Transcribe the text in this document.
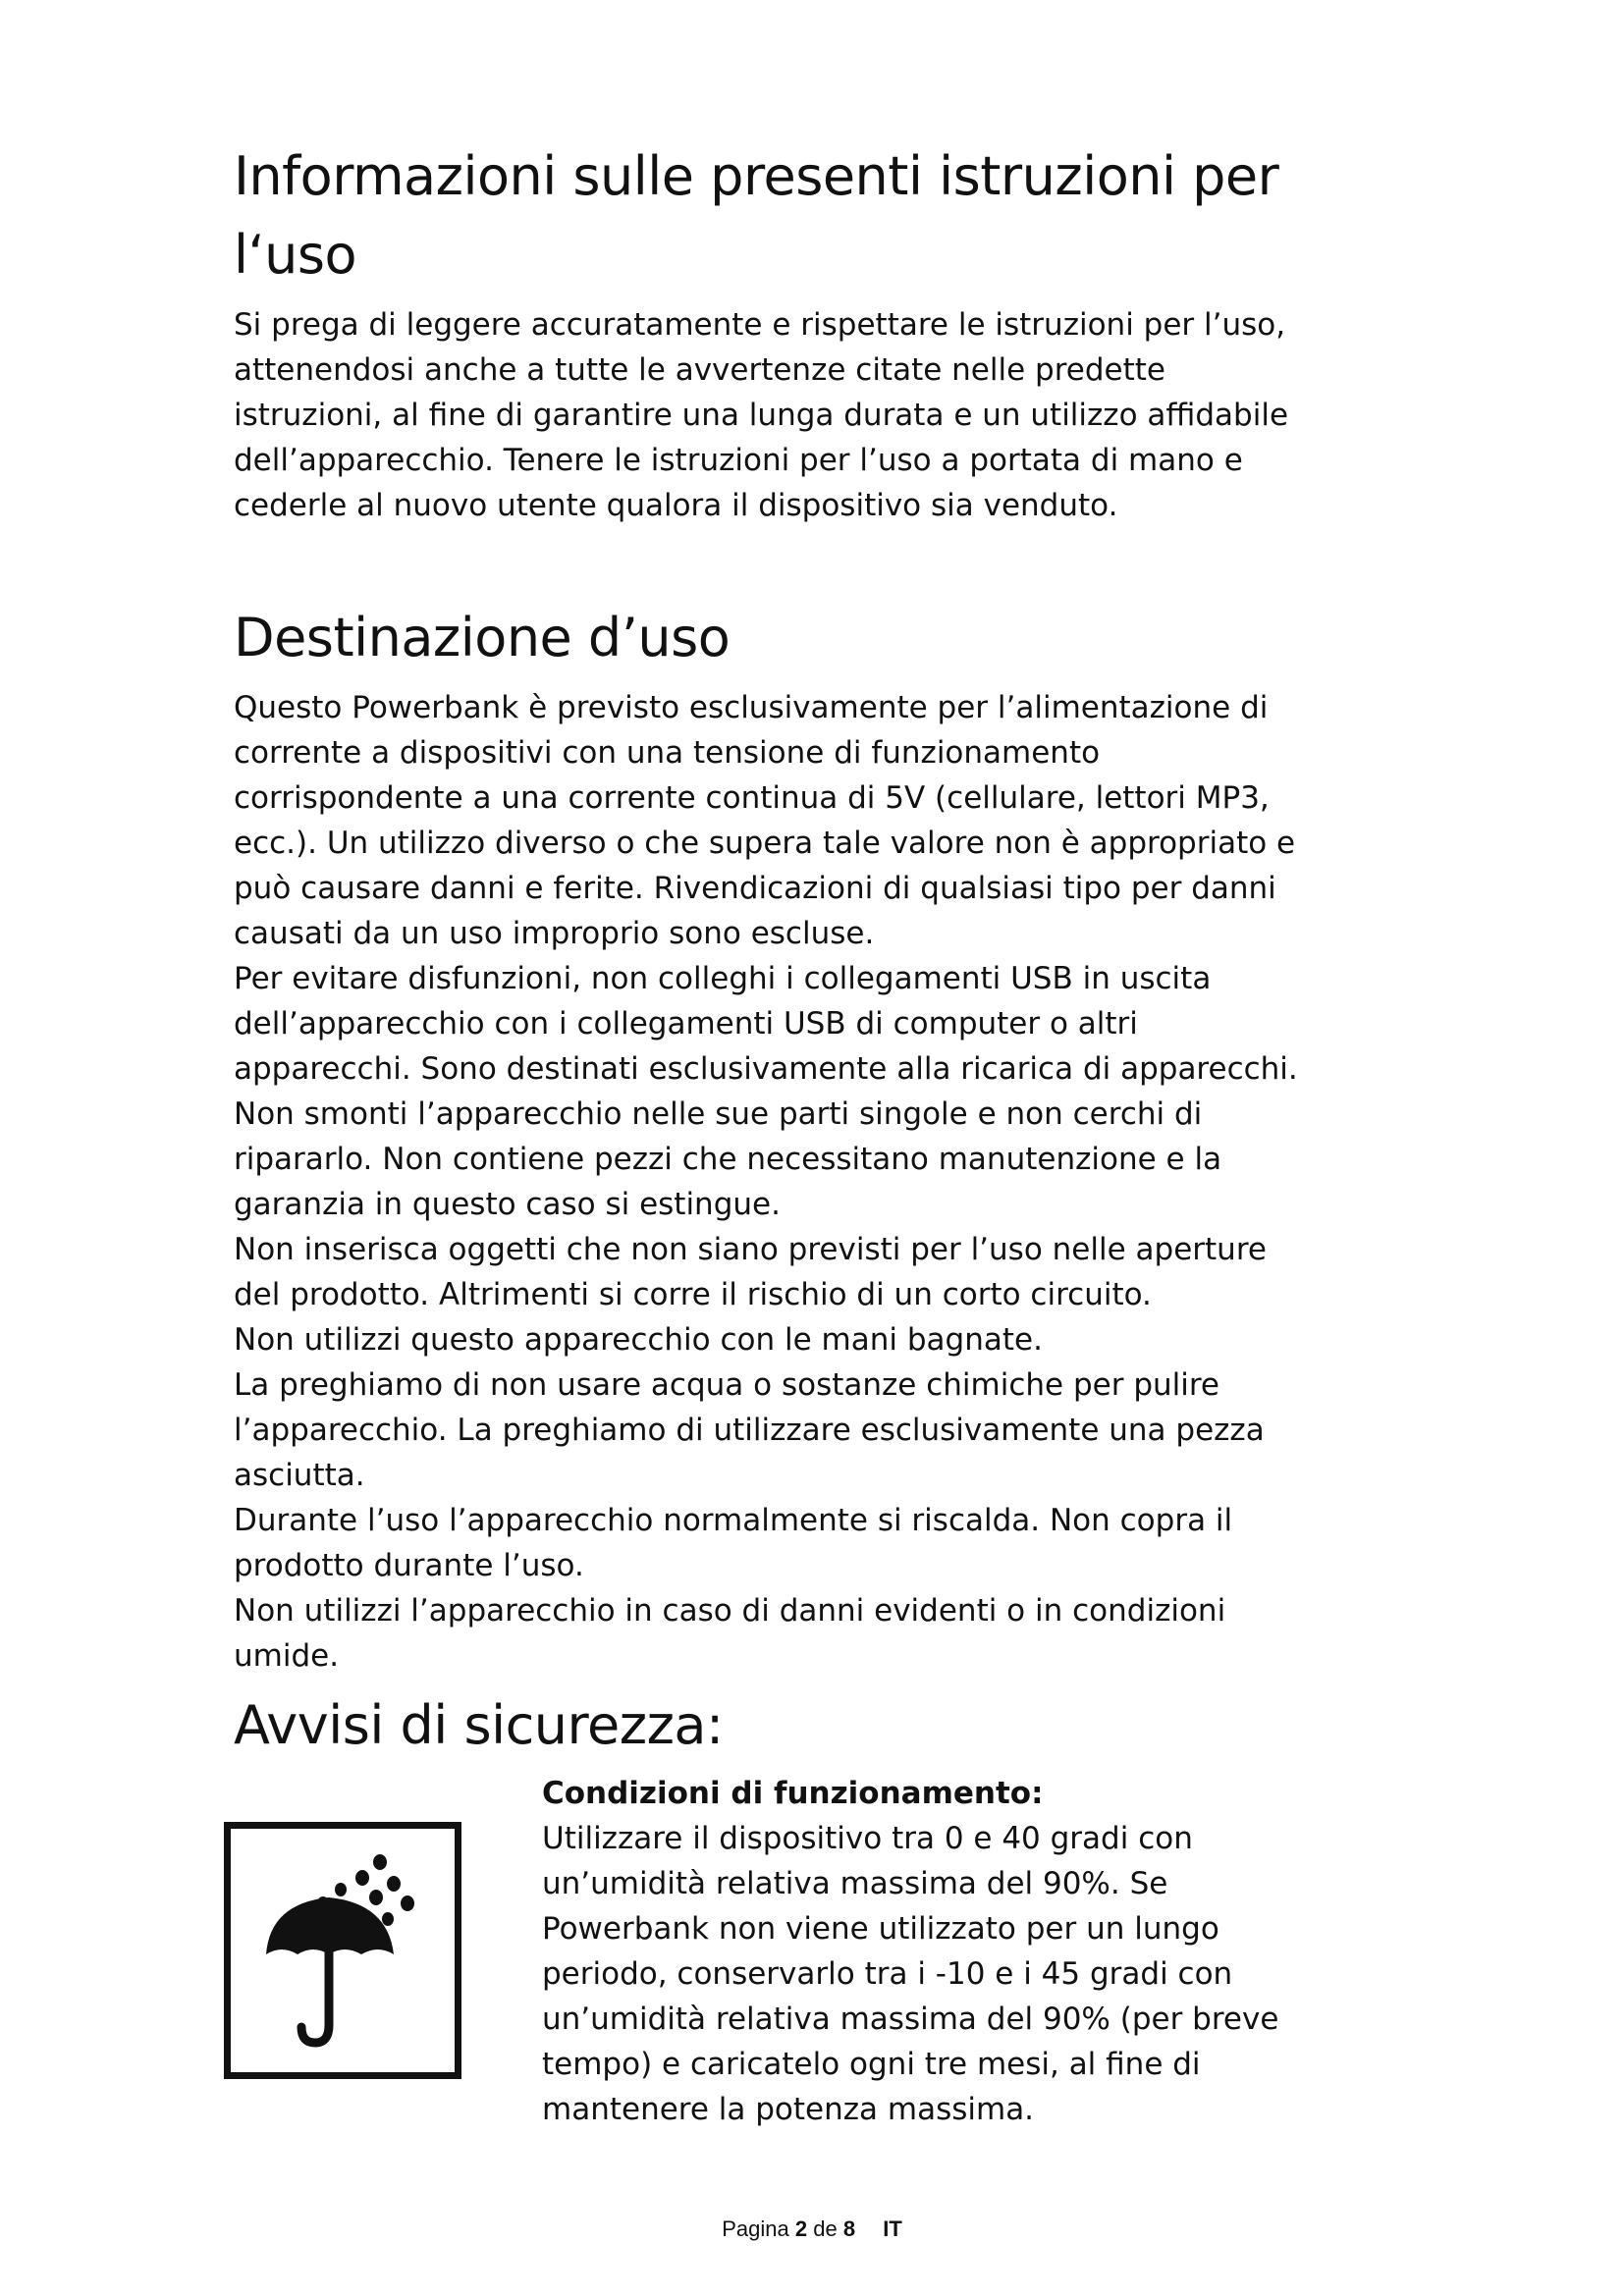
Informazioni sulle presenti istruzioni per l‘uso

Si prega di leggere accuratamente e rispettare le istruzioni per l’uso, attenendosi anche a tutte le avvertenze citate nelle predette istruzioni, al fine di garantire una lunga durata e un utilizzo affidabile dell’apparecchio. Tenere le istruzioni per l’uso a portata di mano e cederle al nuovo utente qualora il dispositivo sia venduto.

Destinazione d’uso

Questo Powerbank è previsto esclusivamente per l’alimentazione di corrente a dispositivi con una tensione di funzionamento corrispondente a una corrente continua di 5V (cellulare, lettori MP3, ecc.). Un utilizzo diverso o che supera tale valore non è appropriato e può causare danni e ferite. Rivendicazioni di qualsiasi tipo per danni causati da un uso improprio sono escluse.

Per evitare disfunzioni, non colleghi i collegamenti USB in uscita dell’apparecchio con i collegamenti USB di computer o altri apparecchi. Sono destinati esclusivamente alla ricarica di apparecchi.

Non smonti l’apparecchio nelle sue parti singole e non cerchi di ripararlo. Non contiene pezzi che necessitano manutenzione e la garanzia in questo caso si estingue.

Non inserisca oggetti che non siano previsti per l’uso nelle aperture del prodotto. Altrimenti si corre il rischio di un corto circuito.

Non utilizzi questo apparecchio con le mani bagnate.

La preghiamo di non usare acqua o sostanze chimiche per pulire l’apparecchio. La preghiamo di utilizzare esclusivamente una pezza asciutta.

Durante l’uso l’apparecchio normalmente si riscalda. Non copra il prodotto durante l’uso.

Non utilizzi l’apparecchio in caso di danni evidenti o in condizioni umide.

Avvisi di sicurezza:
Condizioni di funzionamento:

Utilizzare il dispositivo tra 0 e 40 gradi con un’umidità relativa massima del 90%. Se Powerbank non viene utilizzato per un lungo periodo, conservarlo tra i -10 e i 45 gradi con un’umidità relativa massima del 90% (per breve tempo) e caricatelo ogni tre mesi, al fine di mantenere la potenza massima.

Pagina 2 de 8 IT
